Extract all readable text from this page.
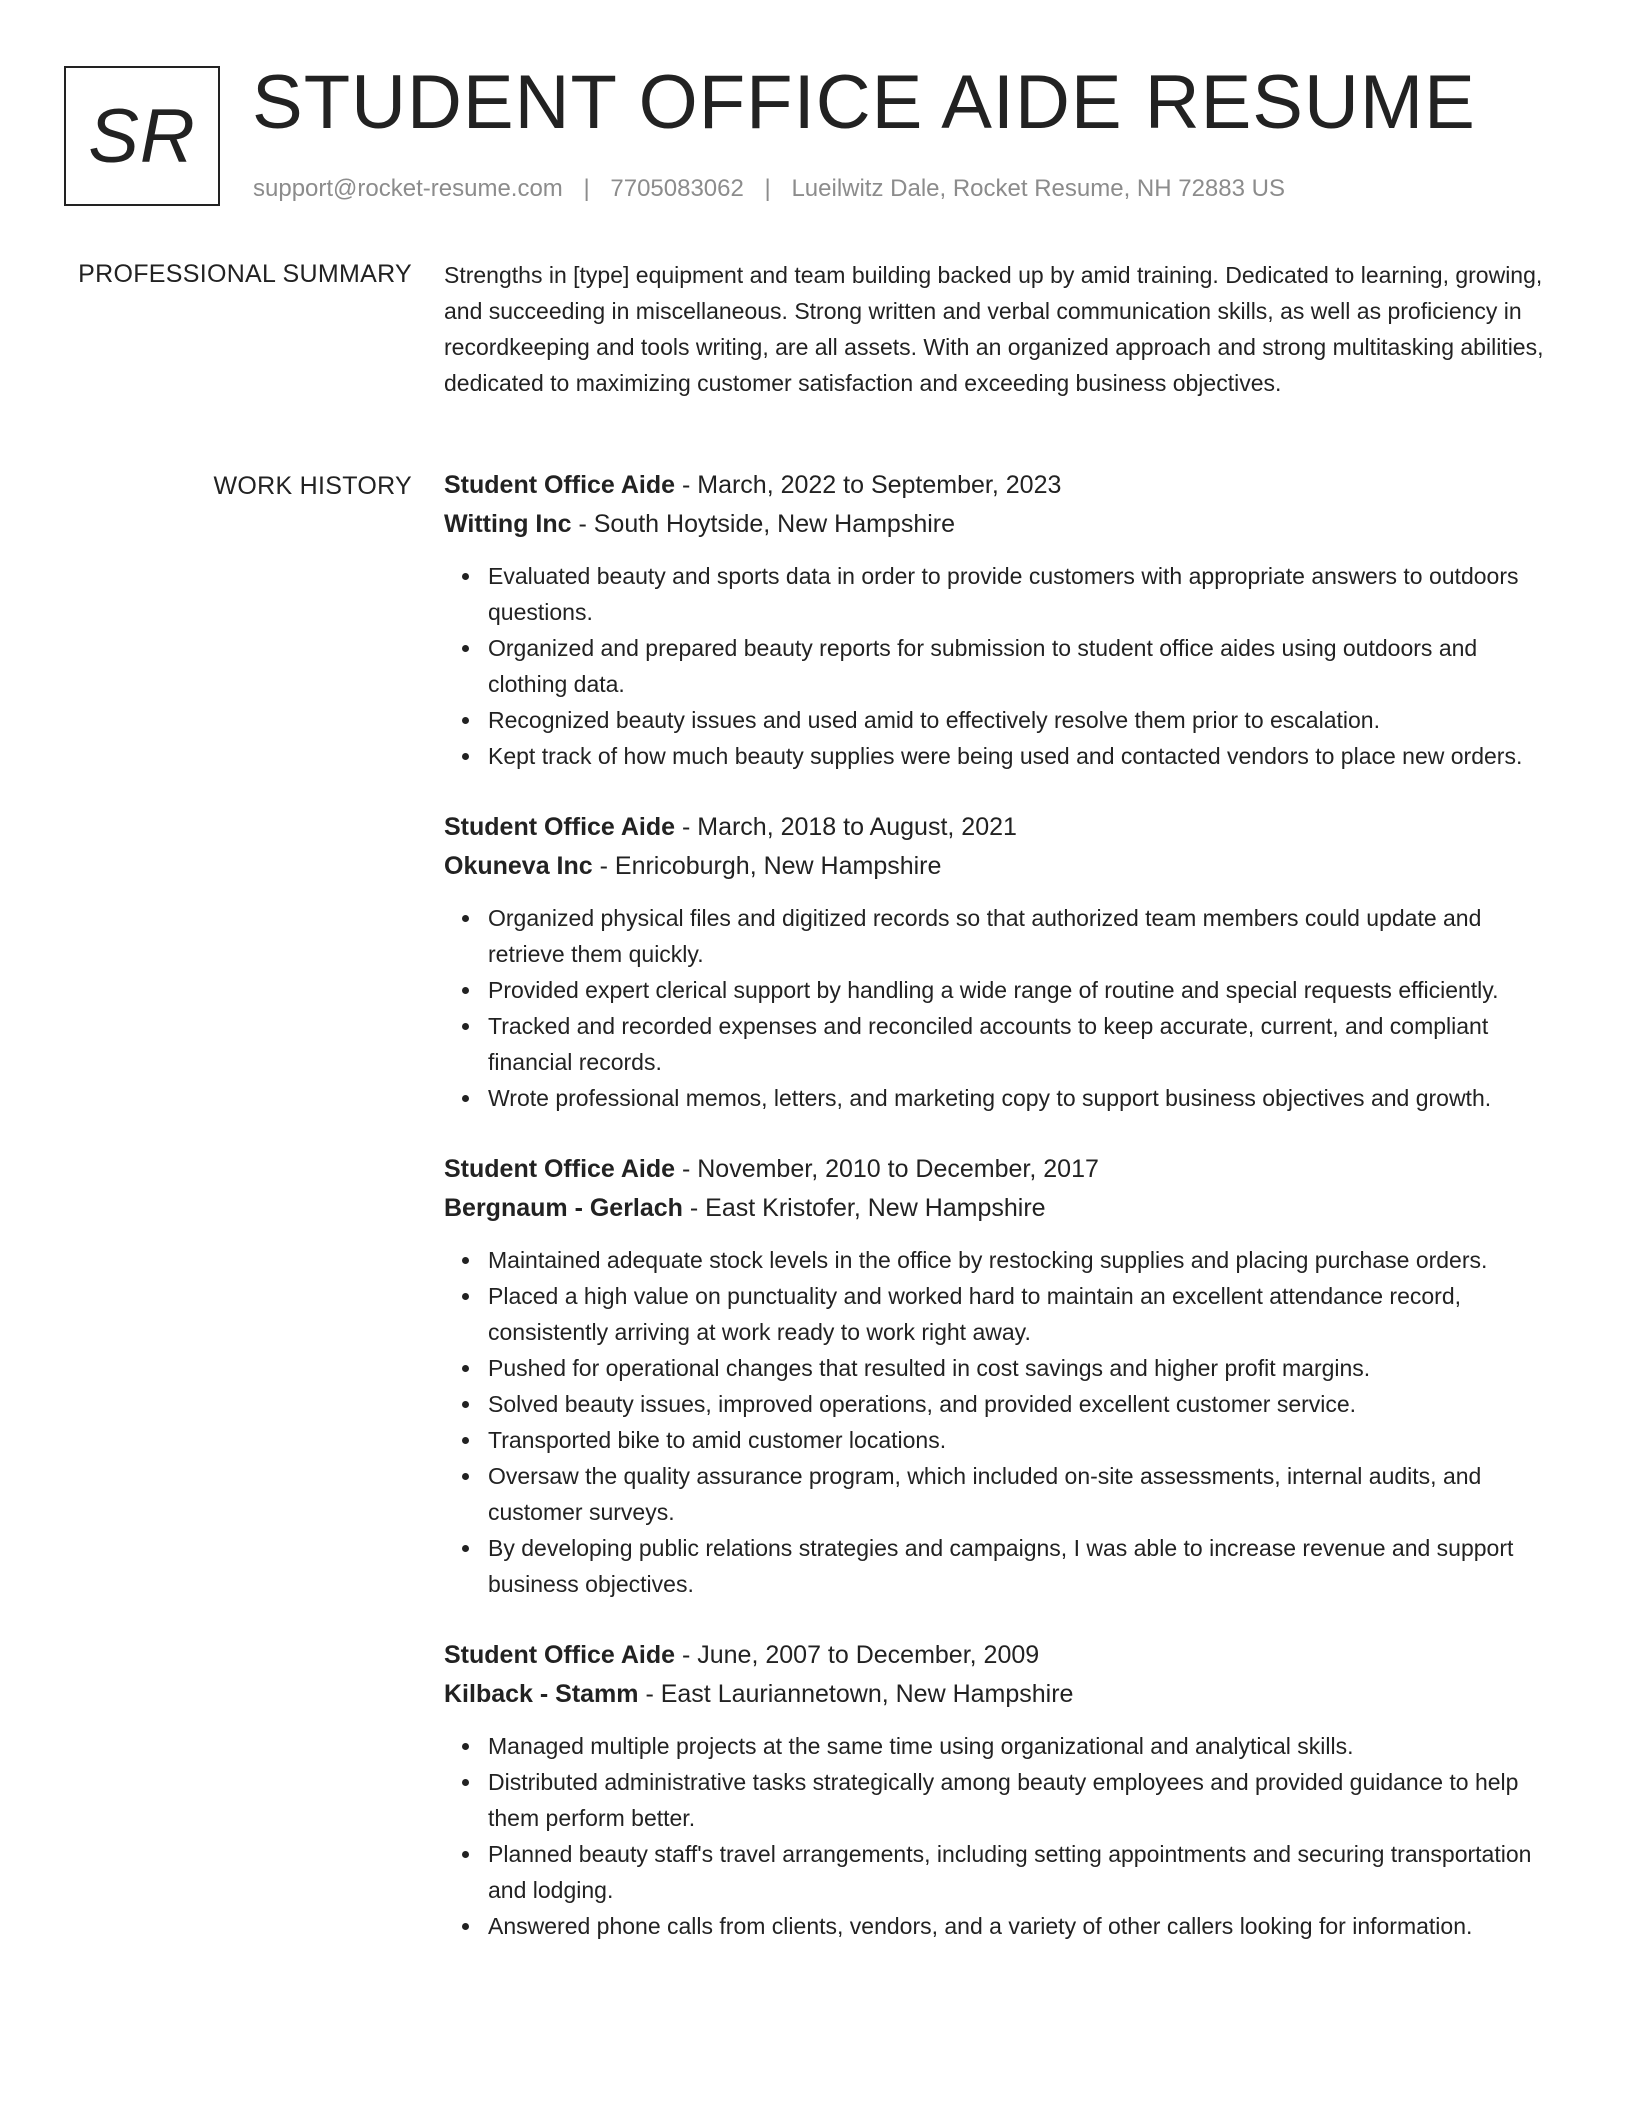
SR STUDENT OFFICE AIDE RESUME
support@rocket-resume.com | 7705083062 | Lueilwitz Dale, Rocket Resume, NH 72883 US
PROFESSIONAL SUMMARY Strengths in [type] equipment and team building backed up by amid training. Dedicated to learning, growing, and succeeding in miscellaneous. Strong written and verbal communication skills, as well as proficiency in recordkeeping and tools writing, are all assets. With an organized approach and strong multitasking abilities, dedicated to maximizing customer satisfaction and exceeding business objectives.

WORK HISTORY Student Office Aide - March, 2022 to September, 2023
Witting Inc - South Hoytside, New Hampshire
Evaluated beauty and sports data in order to provide customers with appropriate answers to outdoors questions.
Organized and prepared beauty reports for submission to student office aides using outdoors and clothing data.
Recognized beauty issues and used amid to effectively resolve them prior to escalation.
Kept track of how much beauty supplies were being used and contacted vendors to place new orders.
Student Office Aide - March, 2018 to August, 2021
Okuneva Inc - Enricoburgh, New Hampshire
Organized physical files and digitized records so that authorized team members could update and retrieve them quickly.
Provided expert clerical support by handling a wide range of routine and special requests efficiently.
Tracked and recorded expenses and reconciled accounts to keep accurate, current, and compliant financial records.
Wrote professional memos, letters, and marketing copy to support business objectives and growth.
Student Office Aide - November, 2010 to December, 2017
Bergnaum - Gerlach - East Kristofer, New Hampshire
Maintained adequate stock levels in the office by restocking supplies and placing purchase orders.
Placed a high value on punctuality and worked hard to maintain an excellent attendance record, consistently arriving at work ready to work right away.
Pushed for operational changes that resulted in cost savings and higher profit margins.
Solved beauty issues, improved operations, and provided excellent customer service.
Transported bike to amid customer locations.
Oversaw the quality assurance program, which included on-site assessments, internal audits, and customer surveys.
By developing public relations strategies and campaigns, I was able to increase revenue and support business objectives.
Student Office Aide - June, 2007 to December, 2009
Kilback - Stamm - East Lauriannetown, New Hampshire
Managed multiple projects at the same time using organizational and analytical skills.
Distributed administrative tasks strategically among beauty employees and provided guidance to help them perform better.
Planned beauty staff's travel arrangements, including setting appointments and securing transportation and lodging.
Answered phone calls from clients, vendors, and a variety of other callers looking for information.
